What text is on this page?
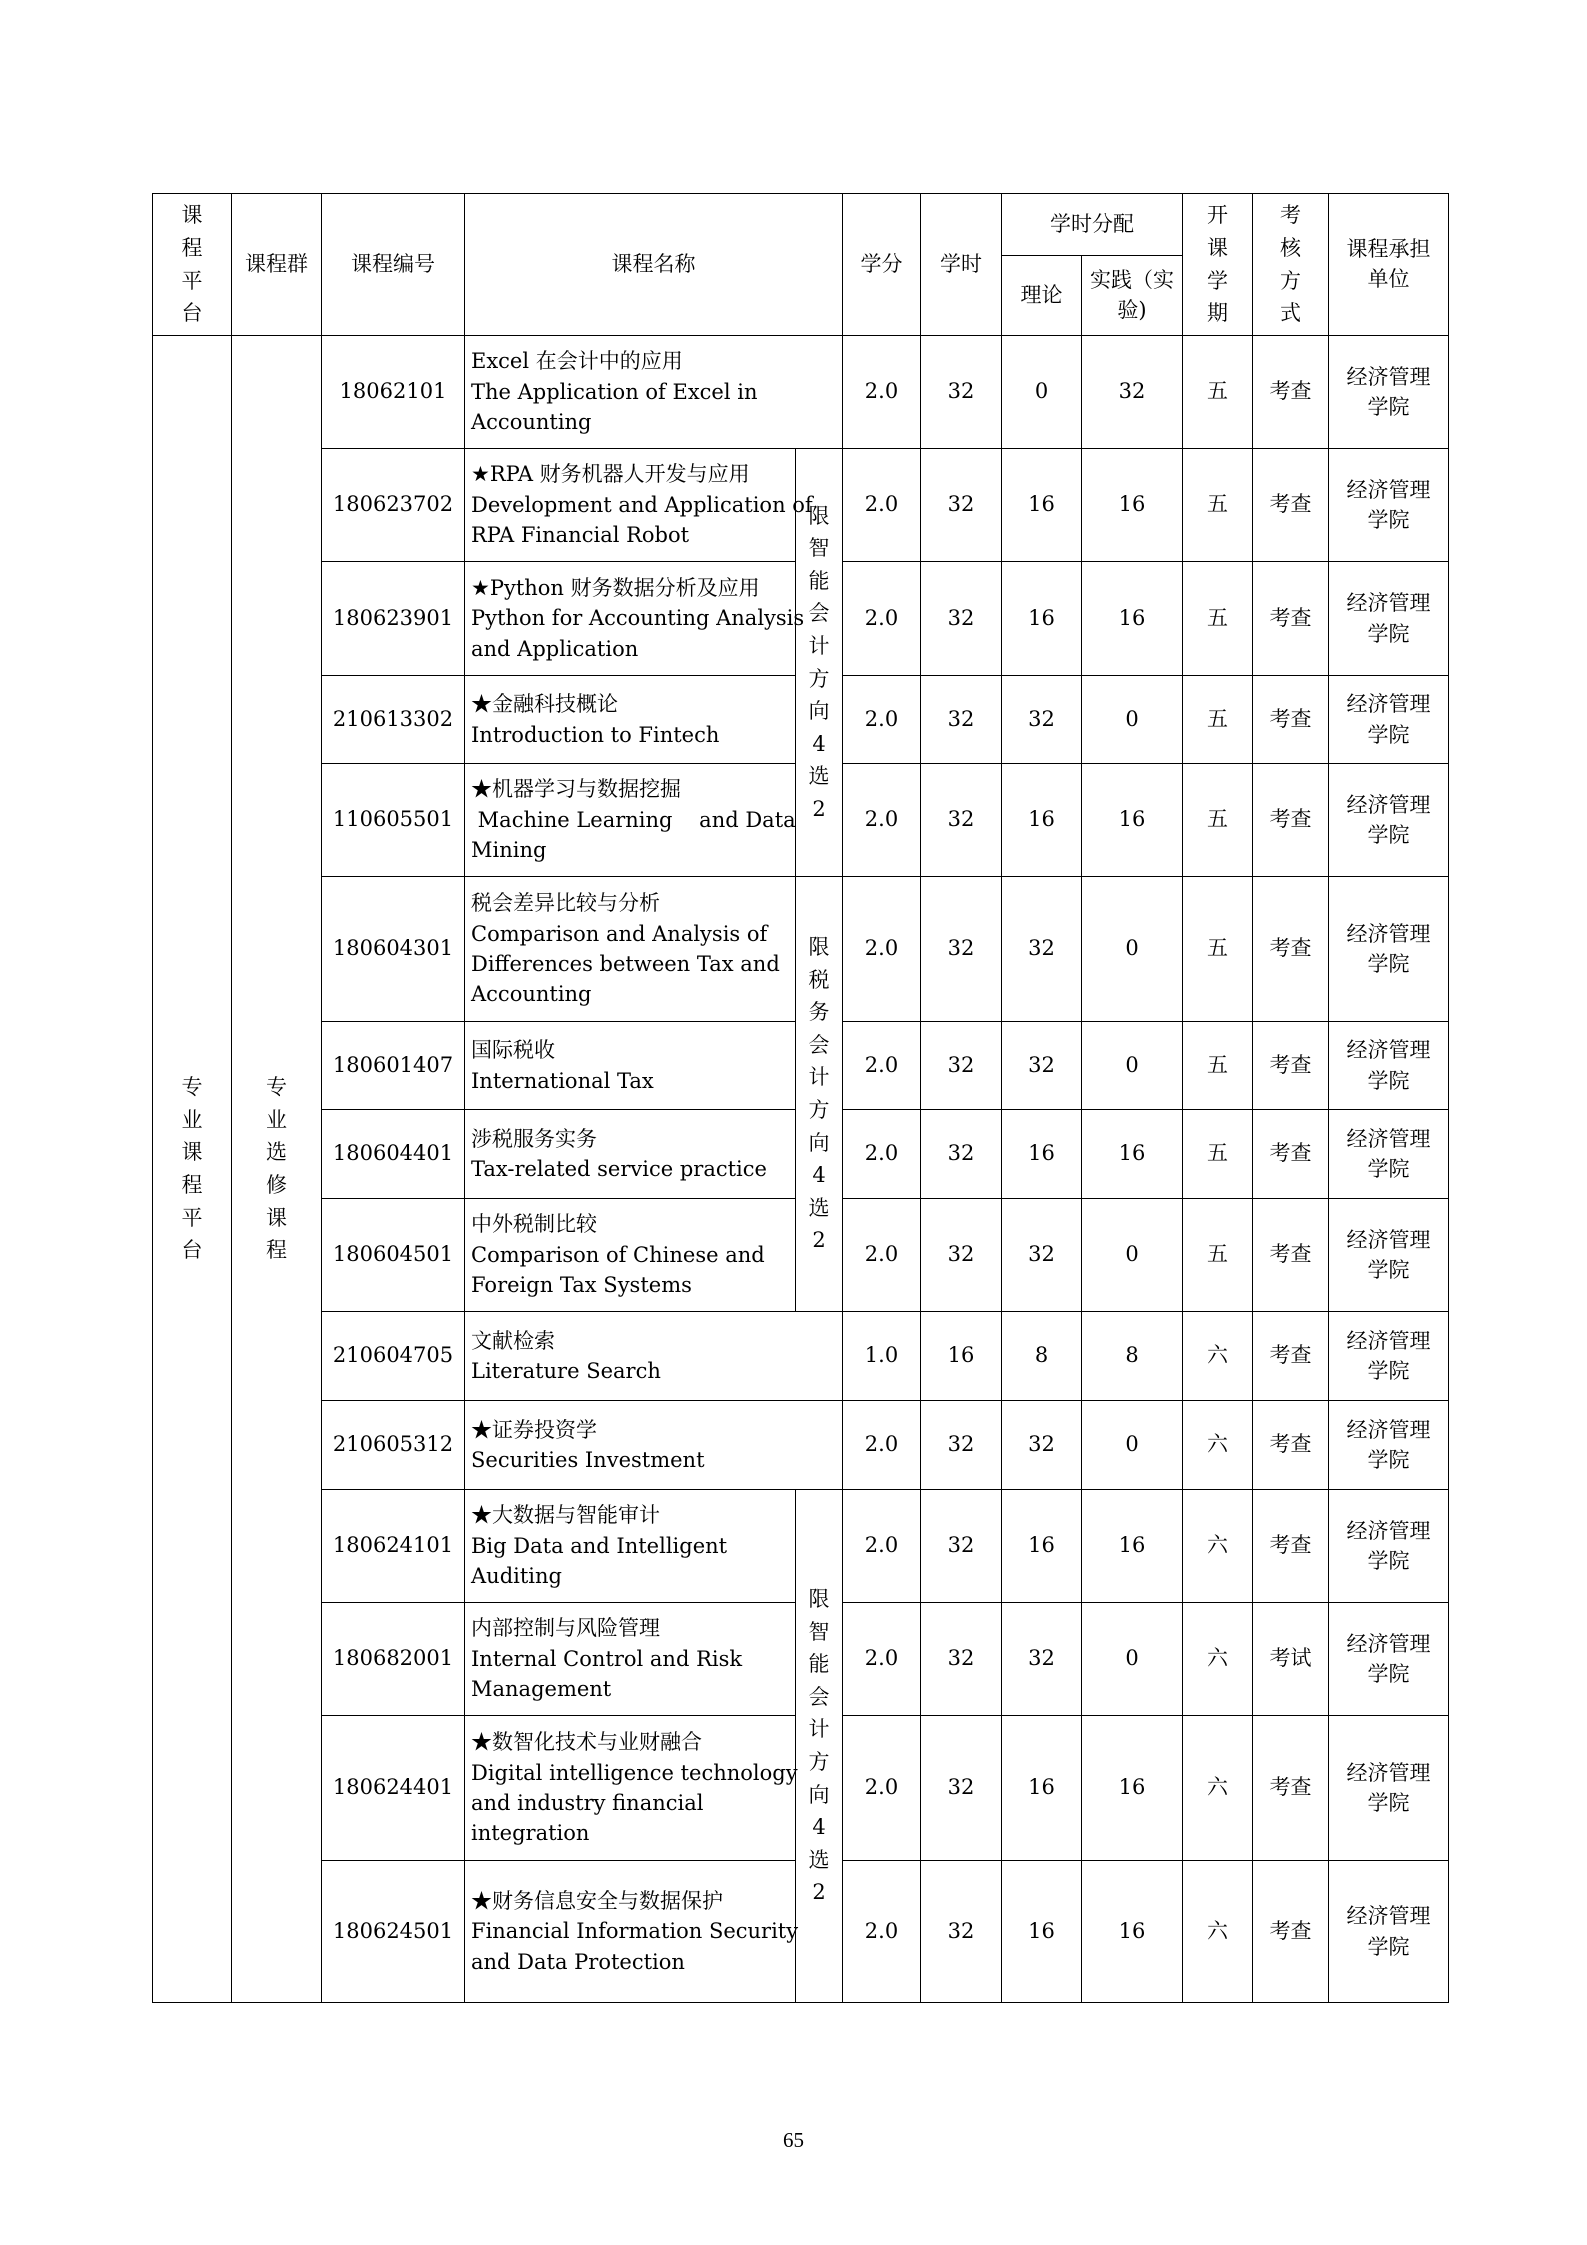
课程平台	课程群	课程编号	课程名称		学分	学时	学时分配		开课学期	考核方式	课程承担单位
							理论	实践（实验)			
专业课程平台	专业选修课程	18062101	Excel 在会计中的应用
The Application of Excel in
Accounting		2.0	32	0	32	五	考查	经济管理
学院

		180623702	★RPA 财务机器人开发与应用
Development and Application of
RPA Financial Robot	限智能会计方向4选2	2.0	32	16	16	五	考查	经济管理
学院

		180623901	★Python 财务数据分析及应用
Python for Accounting Analysis
and Application		2.0	32	16	16	五	考查	经济管理
学院

		210613302	★金融科技概论
Introduction to Fintech		2.0	32	32	0	五	考查	经济管理
学院

		110605501	★机器学习与数据挖掘
Machine Learning    and Data
Mining		2.0	32	16	16	五	考查	经济管理
学院

		180604301	税会差异比较与分析
Comparison and Analysis of
Differences between Tax and
Accounting	限税务会计方向4选2	2.0	32	32	0	五	考查	经济管理
学院

		180601407	国际税收
International Tax		2.0	32	32	0	五	考查	经济管理
学院

		180604401	涉税服务实务
Tax-related service practice		2.0	32	16	16	五	考查	经济管理
学院

		180604501	中外税制比较
Comparison of Chinese and
Foreign Tax Systems		2.0	32	32	0	五	考查	经济管理
学院

		210604705	文献检索
Literature Search		1.0	16	8	8	六	考查	经济管理
学院

		210605312	★证券投资学
Securities Investment		2.0	32	32	0	六	考查	经济管理
学院

		180624101	★大数据与智能审计
Big Data and Intelligent
Auditing	限智能会计方向4选2	2.0	32	16	16	六	考查	经济管理
学院

		180682001	内部控制与风险管理
Internal Control and Risk
Management		2.0	32	32	0	六	考试	经济管理
学院

		180624401	★数智化技术与业财融合
Digital intelligence technology
and industry financial
integration		2.0	32	16	16	六	考查	经济管理
学院

		180624501	★财务信息安全与数据保护
Financial Information Security
and Data Protection		2.0	32	16	16	六	考查	经济管理
学院
65
